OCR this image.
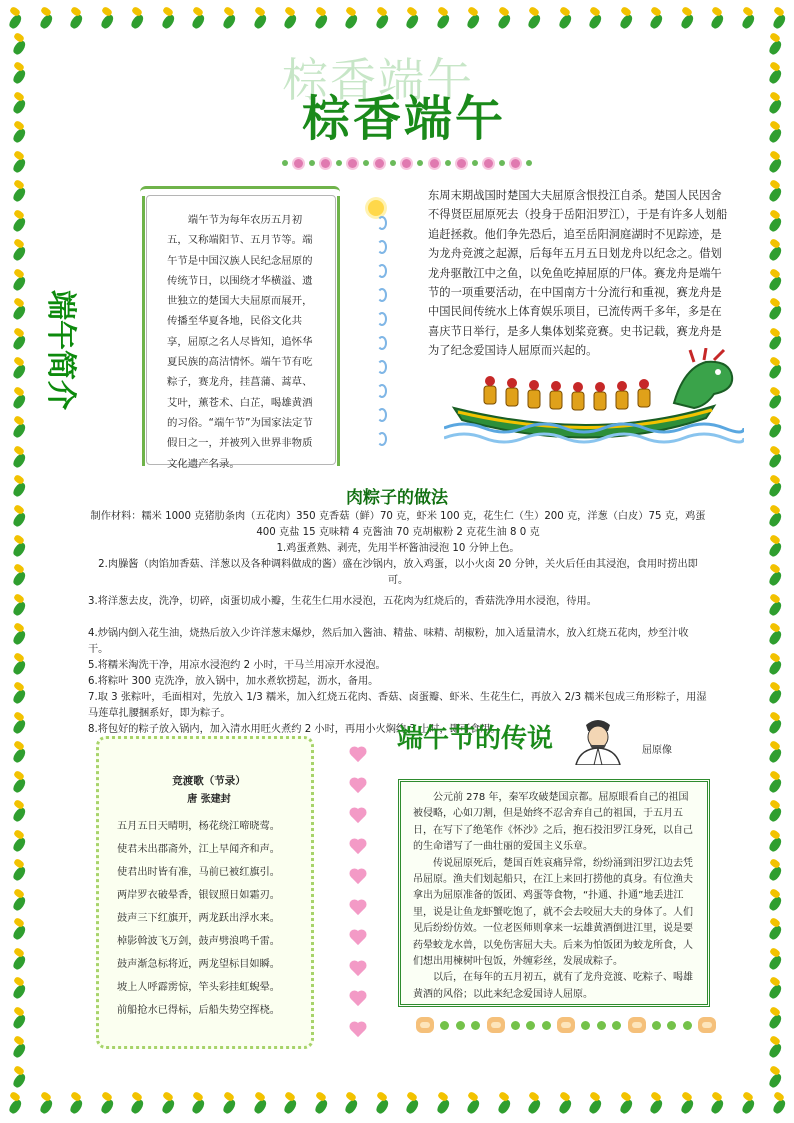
棕香端午
棕香端午
端午简介

端午节为每年农历五月初五，又称端阳节、五月节等。端午节是中国汉族人民纪念屈原的传统节日，以围绕才华横溢、遗世独立的楚国大夫屈原而展开，传播至华夏各地，民俗文化共享，屈原之名人尽皆知，追怀华夏民族的高洁情怀。端午节有吃粽子，赛龙舟，挂菖蒲、蒿草、艾叶，薰苍术、白芷，喝雄黄酒的习俗。“端午节”为国家法定节假日之一，并被列入世界非物质文化遗产名录。

东周末期战国时楚国大夫屈原含恨投江自杀。楚国人民因舍不得贤臣屈原死去（投身于岳阳汨罗江），于是有许多人划船追赶拯救。他们争先恐后，追至岳阳洞庭湖时不见踪迹，是为龙舟竞渡之起源，后每年五月五日划龙舟以纪念之。借划龙舟驱散江中之鱼，以免鱼吃掉屈原的尸体。赛龙舟是端午节的一项重要活动，在中国南方十分流行和重视，赛龙舟是中国民间传统水上体育娱乐项目，已流传两千多年，多是在喜庆节日举行，是多人集体划桨竞赛。史书记载，赛龙舟是为了纪念爱国诗人屈原而兴起的。

肉粽子的做法

制作材料：糯米 1000 克猪肋条肉（五花肉）350 克香菇（鲜）70 克，虾米 100 克，花生仁（生）200 克，洋葱（白皮）75 克，鸡蛋 400 克盐 15 克味精 4 克酱油 70 克胡椒粉 2 克花生油 8 0 克

1.鸡蛋煮熟、剥壳，先用半杯酱油浸泡 10 分钟上色。

2.肉臊酱（肉馅加香菇、洋葱以及各种调料做成的酱）盛在沙锅内，放入鸡蛋，以小火卤 20 分钟，关火后任由其浸泡，食用时捞出即可。

3.将洋葱去皮，洗净，切碎，卤蛋切成小瓣，生花生仁用水浸泡，五花肉为红烧后的，香菇洗净用水浸泡，待用。

4.炒锅内倒入花生油，烧热后放入少许洋葱末爆炒，然后加入酱油、精盐、味精、胡椒粉，加入适量清水，放入红烧五花肉，炒至汁收干。

5.将糯米淘洗干净，用凉水浸泡约 2 小时，干马兰用凉开水浸泡。

6.将粽叶 300 克洗净，放入锅中，加水煮软捞起，沥水，备用。

7.取 3 张粽叶，毛面相对，先放入 1/3 糯米，加入红烧五花肉、香菇、卤蛋瓣、虾米、生花生仁，再放入 2/3 糯米包成三角形粽子，用湿马莲草扎腰捆系好，即为粽子。

8.将包好的粽子放入锅内，加入清水用旺火煮约 2 小时，再用小火焖约 3 上时，即可食用。

竞渡歌（节录）
唐 张建封
五月五日天晴明，杨花绕江啼晓莺。
使君未出郡斋外，江上早闻齐和声。
使君出时皆有准，马前已被红旗引。
两岸罗衣破晕香，银钗照日如霜刃。
鼓声三下红旗开，两龙跃出浮水来。
棹影斡波飞万剑，鼓声劈浪鸣千雷。
鼓声渐急标将近，两龙望标目如瞬。
坡上人呼霹雳惊，竿头彩挂虹蜺晕。
前船抢水已得标，后船失势空挥桡。
端午节的传说	屈原像

公元前 278 年，秦军攻破楚国京都。屈原眼看自己的祖国被侵略，心如刀割，但是始终不忍舍弃自己的祖国，于五月五日，在写下了绝笔作《怀沙》之后，抱石投汨罗江身死，以自己的生命谱写了一曲壮丽的爱国主义乐章。

传说屈原死后，楚国百姓哀痛异常，纷纷涌到汨罗江边去凭吊屈原。渔夫们划起船只，在江上来回打捞他的真身。有位渔夫拿出为屈原准备的饭团、鸡蛋等食物，“扑通、扑通”地丢进江里，说是让鱼龙虾蟹吃饱了，就不会去咬屈大夫的身体了。人们见后纷纷仿效。一位老医师则拿来一坛雄黄酒倒进江里，说是要药晕蛟龙水兽，以免伤害屈大夫。后来为怕饭团为蛟龙所食，人们想出用楝树叶包饭，外缠彩丝，发展成粽子。

以后，在每年的五月初五，就有了龙舟竞渡、吃粽子、喝雄黄酒的风俗；以此来纪念爱国诗人屈原。
